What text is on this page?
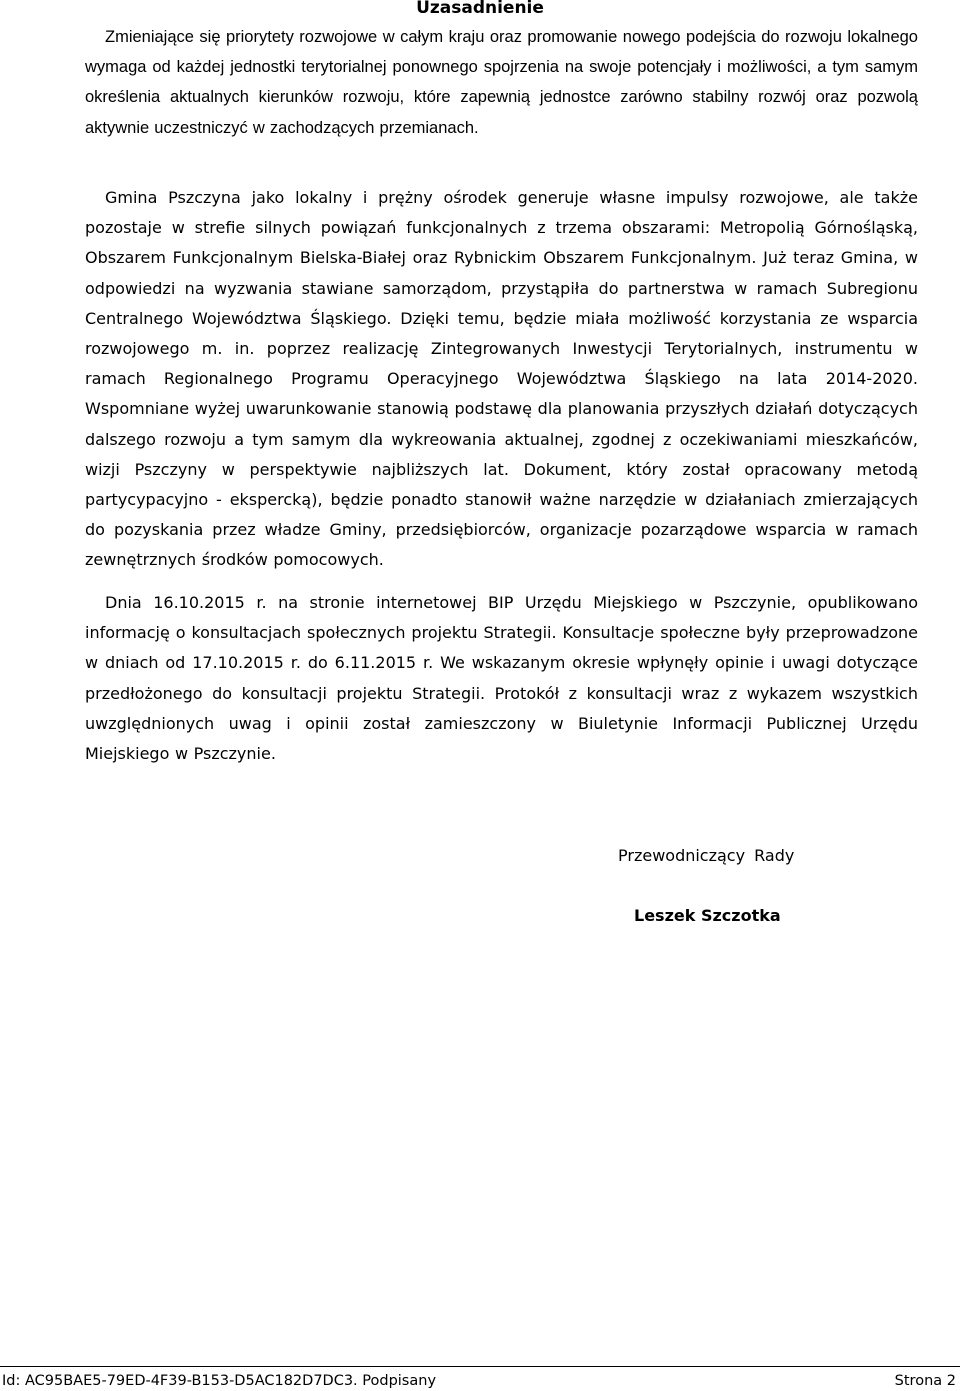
Uzasadnienie

Zmieniające się priorytety rozwojowe w całym kraju oraz promowanie nowego podejścia do rozwoju lokalnego wymaga od każdej jednostki terytorialnej ponownego spojrzenia na swoje potencjały i możliwości, a tym samym określenia aktualnych kierunków rozwoju, które zapewnią jednostce zarówno stabilny rozwój oraz pozwolą aktywnie uczestniczyć w zachodzących przemianach.

Gmina Pszczyna jako lokalny i prężny ośrodek generuje własne impulsy rozwojowe, ale także pozostaje w strefie silnych powiązań funkcjonalnych z trzema obszarami: Metropolią Górnośląską, Obszarem Funkcjonalnym Bielska-Białej oraz Rybnickim Obszarem Funkcjonalnym. Już teraz Gmina, w odpowiedzi na wyzwania stawiane samorządom, przystąpiła do partnerstwa w ramach Subregionu Centralnego Województwa Śląskiego. Dzięki temu, będzie miała możliwość korzystania ze wsparcia rozwojowego m. in. poprzez realizację Zintegrowanych Inwestycji Terytorialnych, instrumentu w ramach Regionalnego Programu Operacyjnego Województwa Śląskiego na lata 2014-2020. Wspomniane wyżej uwarunkowanie stanowią podstawę dla planowania przyszłych działań dotyczących dalszego rozwoju a tym samym dla wykreowania aktualnej, zgodnej z oczekiwaniami mieszkańców, wizji Pszczyny w perspektywie najbliższych lat. Dokument, który został opracowany metodą partycypacyjno - ekspercką), będzie ponadto stanowił ważne narzędzie w działaniach zmierzających do pozyskania przez władze Gminy, przedsiębiorców, organizacje pozarządowe wsparcia w ramach zewnętrznych środków pomocowych.

Dnia 16.10.2015 r. na stronie internetowej BIP Urzędu Miejskiego w Pszczynie, opublikowano informację o konsultacjach społecznych projektu Strategii. Konsultacje społeczne były przeprowadzone w dniach od 17.10.2015 r. do 6.11.2015 r. We wskazanym okresie wpłynęły opinie i uwagi dotyczące przedłożonego do konsultacji projektu Strategii. Protokół z konsultacji wraz z wykazem wszystkich uwzględnionych uwag i opinii został zamieszczony w Biuletynie Informacji Publicznej Urzędu Miejskiego w Pszczynie.

Przewodniczący Rady

Leszek Szczotka

Id: AC95BAE5-79ED-4F39-B153-D5AC182D7DC3. Podpisany	Strona 2
